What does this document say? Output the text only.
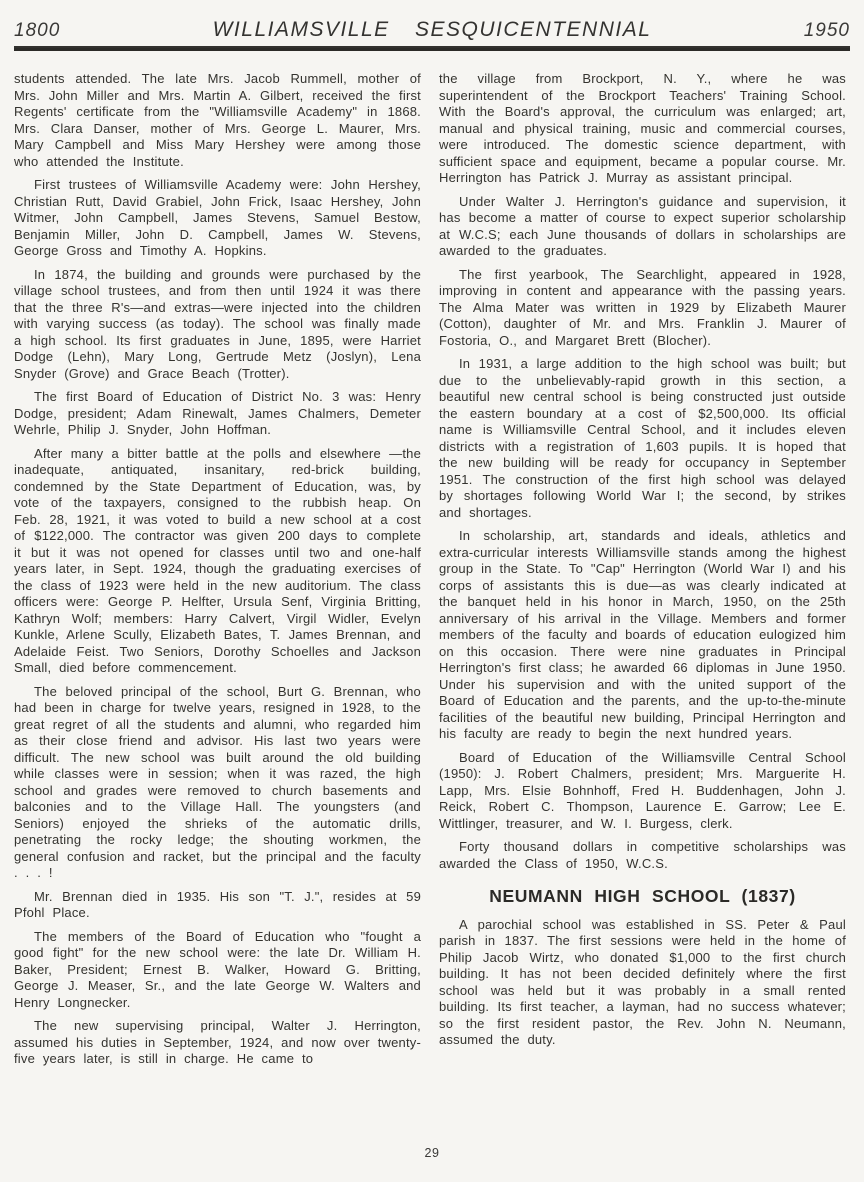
1800	WILLIAMSVILLE SESQUICENTENNIAL	1950

students attended. The late Mrs. Jacob Rummell, mother of Mrs. John Miller and Mrs. Martin A. Gilbert, received the first Regents' certificate from the "Williamsville Academy" in 1868. Mrs. Clara Danser, mother of Mrs. George L. Maurer, Mrs. Mary Campbell and Miss Mary Hershey were among those who attended the Institute.

First trustees of Williamsville Academy were: John Hershey, Christian Rutt, David Grabiel, John Frick, Isaac Hershey, John Witmer, John Campbell, James Stevens, Samuel Bestow, Benjamin Miller, John D. Campbell, James W. Stevens, George Gross and Timothy A. Hopkins.

In 1874, the building and grounds were purchased by the village school trustees, and from then until 1924 it was there that the three R's—and extras—were injected into the children with varying success (as today). The school was finally made a high school. Its first graduates in June, 1895, were Harriet Dodge (Lehn), Mary Long, Gertrude Metz (Joslyn), Lena Snyder (Grove) and Grace Beach (Trotter).

The first Board of Education of District No. 3 was: Henry Dodge, president; Adam Rinewalt, James Chalmers, Demeter Wehrle, Philip J. Snyder, John Hoffman.

After many a bitter battle at the polls and elsewhere —the inadequate, antiquated, insanitary, red-brick building, condemned by the State Department of Education, was, by vote of the taxpayers, consigned to the rubbish heap. On Feb. 28, 1921, it was voted to build a new school at a cost of $122,000. The contractor was given 200 days to complete it but it was not opened for classes until two and one-half years later, in Sept. 1924, though the graduating exercises of the class of 1923 were held in the new auditorium. The class officers were: George P. Helfter, Ursula Senf, Virginia Britting, Kathryn Wolf; members: Harry Calvert, Virgil Widler, Evelyn Kunkle, Arlene Scully, Elizabeth Bates, T. James Brennan, and Adelaide Feist. Two Seniors, Dorothy Schoelles and Jackson Small, died before commencement.

The beloved principal of the school, Burt G. Brennan, who had been in charge for twelve years, resigned in 1928, to the great regret of all the students and alumni, who regarded him as their close friend and advisor. His last two years were difficult. The new school was built around the old building while classes were in session; when it was razed, the high school and grades were removed to church basements and balconies and to the Village Hall. The youngsters (and Seniors) enjoyed the shrieks of the automatic drills, penetrating the rocky ledge; the shouting workmen, the general confusion and racket, but the principal and the faculty . . . !

Mr. Brennan died in 1935. His son "T. J.", resides at 59 Pfohl Place.

The members of the Board of Education who "fought a good fight" for the new school were: the late Dr. William H. Baker, President; Ernest B. Walker, Howard G. Britting, George J. Measer, Sr., and the late George W. Walters and Henry Longnecker.

The new supervising principal, Walter J. Herrington, assumed his duties in September, 1924, and now over twenty-five years later, is still in charge. He came to

the village from Brockport, N. Y., where he was superintendent of the Brockport Teachers' Training School. With the Board's approval, the curriculum was enlarged; art, manual and physical training, music and commercial courses, were introduced. The domestic science department, with sufficient space and equipment, became a popular course. Mr. Herrington has Patrick J. Murray as assistant principal.

Under Walter J. Herrington's guidance and supervision, it has become a matter of course to expect superior scholarship at W.C.S; each June thousands of dollars in scholarships are awarded to the graduates.

The first yearbook, The Searchlight, appeared in 1928, improving in content and appearance with the passing years. The Alma Mater was written in 1929 by Elizabeth Maurer (Cotton), daughter of Mr. and Mrs. Franklin J. Maurer of Fostoria, O., and Margaret Brett (Blocher).

In 1931, a large addition to the high school was built; but due to the unbelievably-rapid growth in this section, a beautiful new central school is being constructed just outside the eastern boundary at a cost of $2,500,000. Its official name is Williamsville Central School, and it includes eleven districts with a registration of 1,603 pupils. It is hoped that the new building will be ready for occupancy in September 1951. The construction of the first high school was delayed by shortages following World War I; the second, by strikes and shortages.

In scholarship, art, standards and ideals, athletics and extra-curricular interests Williamsville stands among the highest group in the State. To "Cap" Herrington (World War I) and his corps of assistants this is due—as was clearly indicated at the banquet held in his honor in March, 1950, on the 25th anniversary of his arrival in the Village. Members and former members of the faculty and boards of education eulogized him on this occasion. There were nine graduates in Principal Herrington's first class; he awarded 66 diplomas in June 1950. Under his supervision and with the united support of the Board of Education and the parents, and the up-to-the-minute facilities of the beautiful new building, Principal Herrington and his faculty are ready to begin the next hundred years.

Board of Education of the Williamsville Central School (1950): J. Robert Chalmers, president; Mrs. Marguerite H. Lapp, Mrs. Elsie Bohnhoff, Fred H. Buddenhagen, John J. Reick, Robert C. Thompson, Laurence E. Garrow; Lee E. Wittlinger, treasurer, and W. I. Burgess, clerk.

Forty thousand dollars in competitive scholarships was awarded the Class of 1950, W.C.S.

NEUMANN HIGH SCHOOL (1837)

A parochial school was established in SS. Peter & Paul parish in 1837. The first sessions were held in the home of Philip Jacob Wirtz, who donated $1,000 to the first church building. It has not been decided definitely where the first school was held but it was probably in a small rented building. Its first teacher, a layman, had no success whatever; so the first resident pastor, the Rev. John N. Neumann, assumed the duty.

29
